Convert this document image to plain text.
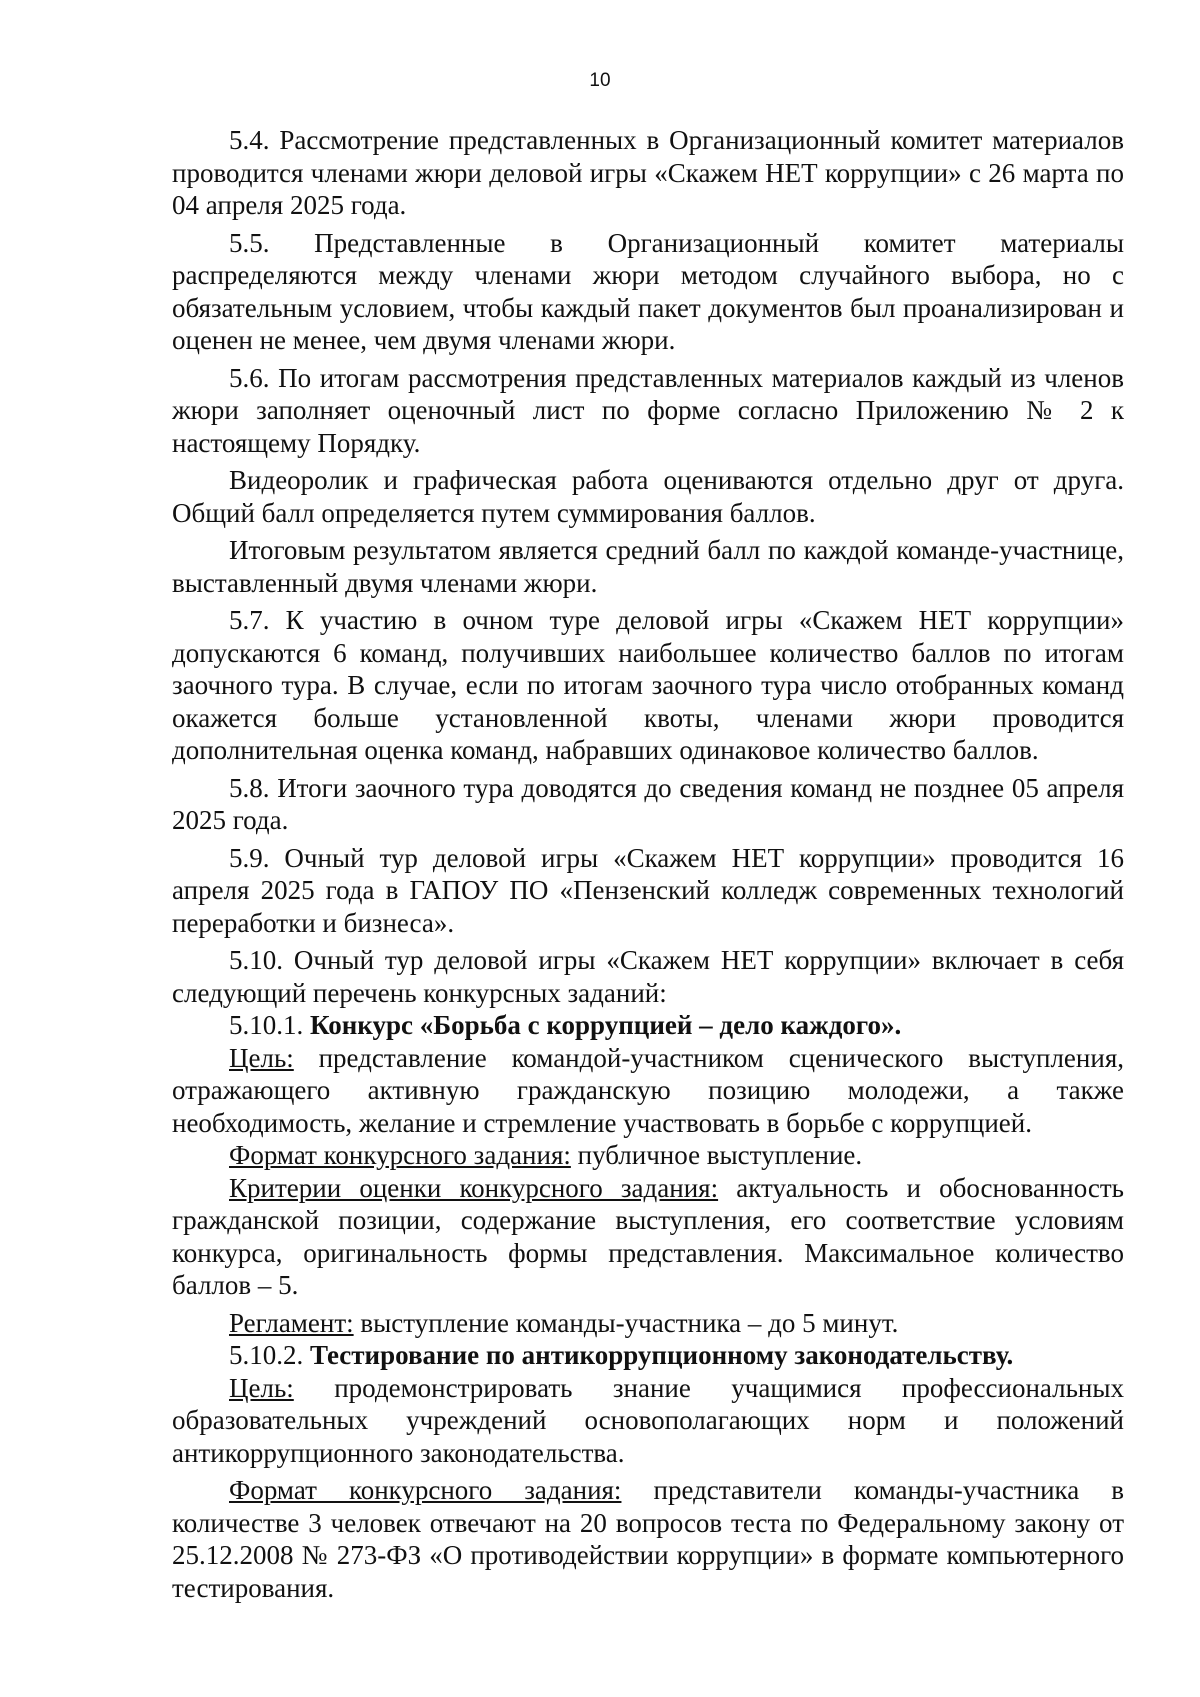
10

5.4. Рассмотрение представленных в Организационный комитет материалов проводится членами жюри деловой игры «Скажем НЕТ коррупции» с 26 марта по 04 апреля 2025 года.

5.5. Представленные в Организационный комитет материалы распределяются между членами жюри методом случайного выбора, но с обязательным условием, чтобы каждый пакет документов был проанализирован и оценен не менее, чем двумя членами жюри.

5.6. По итогам рассмотрения представленных материалов каждый из членов жюри заполняет оценочный лист по форме согласно Приложению № 2 к настоящему Порядку.

Видеоролик и графическая работа оцениваются отдельно друг от друга. Общий балл определяется путем суммирования баллов.

Итоговым результатом является средний балл по каждой команде-участнице, выставленный двумя членами жюри.

5.7. К участию в очном туре деловой игры «Скажем НЕТ коррупции» допускаются 6 команд, получивших наибольшее количество баллов по итогам заочного тура. В случае, если по итогам заочного тура число отобранных команд окажется больше установленной квоты, членами жюри проводится дополнительная оценка команд, набравших одинаковое количество баллов.

5.8. Итоги заочного тура доводятся до сведения команд не позднее 05 апреля 2025 года.

5.9. Очный тур деловой игры «Скажем НЕТ коррупции» проводится 16 апреля 2025 года в ГАПОУ ПО «Пензенский колледж современных технологий переработки и бизнеса».

5.10. Очный тур деловой игры «Скажем НЕТ коррупции» включает в себя следующий перечень конкурсных заданий:

5.10.1. Конкурс «Борьба с коррупцией – дело каждого».

Цель: представление командой-участником сценического выступления, отражающего активную гражданскую позицию молодежи, а также необходимость, желание и стремление участвовать в борьбе с коррупцией.

Формат конкурсного задания: публичное выступление.

Критерии оценки конкурсного задания: актуальность и обоснованность гражданской позиции, содержание выступления, его соответствие условиям конкурса, оригинальность формы представления. Максимальное количество баллов – 5.

Регламент: выступление команды-участника – до 5 минут.

5.10.2. Тестирование по антикоррупционному законодательству.

Цель: продемонстрировать знание учащимися профессиональных образовательных учреждений основополагающих норм и положений антикоррупционного законодательства.

Формат конкурсного задания: представители команды-участника в количестве 3 человек отвечают на 20 вопросов теста по Федеральному закону от 25.12.2008 № 273-ФЗ «О противодействии коррупции» в формате компьютерного тестирования.
